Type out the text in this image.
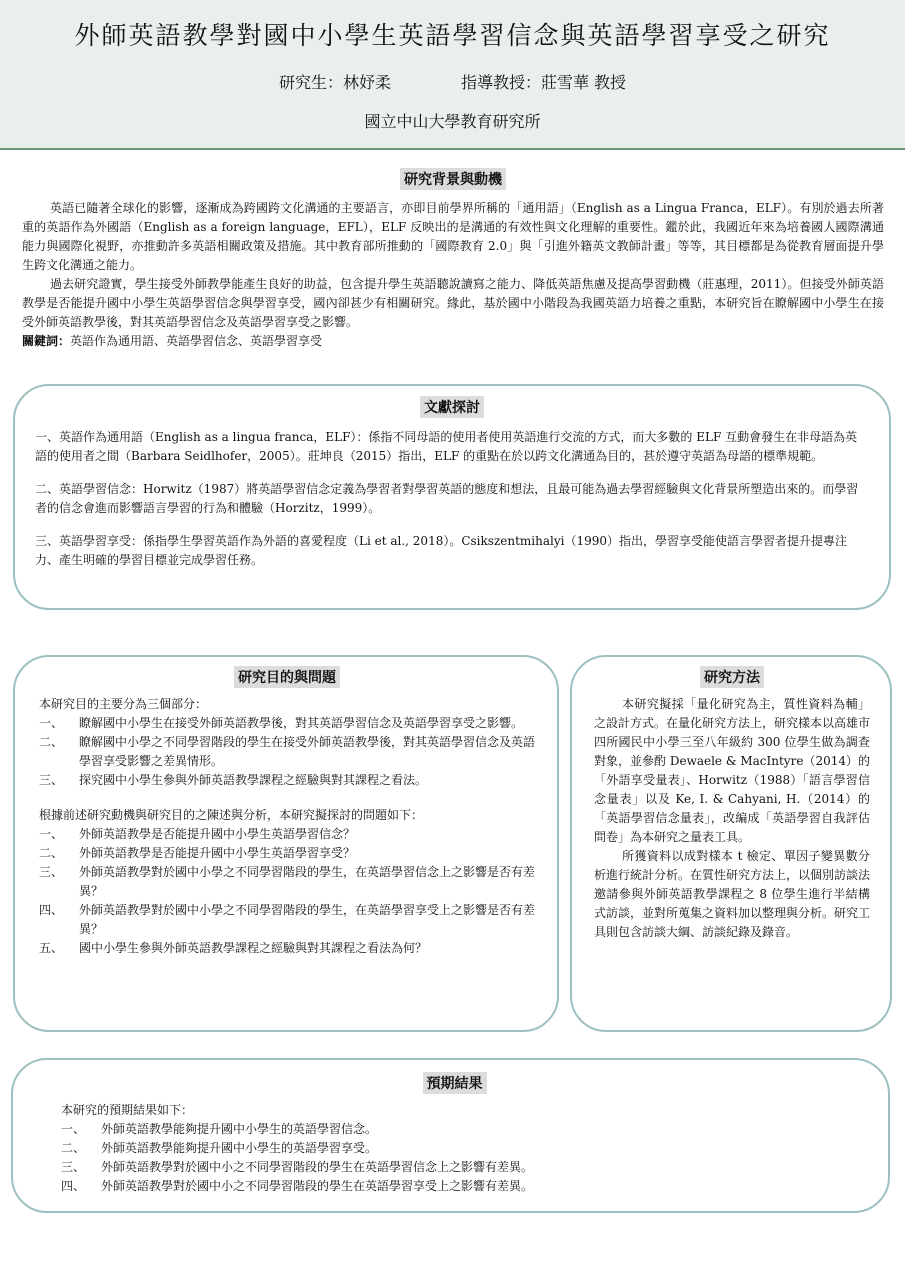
外師英語教學對國中小學生英語學習信念與英語學習享受之研究
研究生：林妤柔	指導教授：莊雪華 教授
國立中山大學教育研究所
研究背景與動機

英語已隨著全球化的影響，逐漸成為跨國跨文化溝通的主要語言，亦即目前學界所稱的「通用語」（English as a Lingua Franca，ELF）。有別於過去所著重的英語作為外國語（English as a foreign language，EFL），ELF 反映出的是溝通的有效性與文化理解的重要性。鑑於此，我國近年來為培養國人國際溝通能力與國際化視野，亦推動許多英語相關政策及措施。其中教育部所推動的「國際教育 2.0」與「引進外籍英文教師計畫」等等，其目標都是為從教育層面提升學生跨文化溝通之能力。

過去研究證實，學生接受外師教學能產生良好的助益，包含提升學生英語聽說讀寫之能力、降低英語焦慮及提高學習動機（莊惠理，2011）。但接受外師英語教學是否能提升國中小學生英語學習信念與學習享受，國內卻甚少有相關研究。緣此，基於國中小階段為我國英語力培養之重點，本研究旨在瞭解國中小學生在接受外師英語教學後，對其英語學習信念及英語學習享受之影響。

關鍵詞：英語作為通用語、英語學習信念、英語學習享受

文獻探討

一、英語作為通用語（English as a lingua franca，ELF）：係指不同母語的使用者使用英語進行交流的方式，而大多數的 ELF 互動會發生在非母語為英語的使用者之間（Barbara Seidlhofer，2005）。莊坤良（2015）指出，ELF 的重點在於以跨文化溝通為目的，甚於遵守英語為母語的標準規範。

二、英語學習信念：Horwitz（1987）將英語學習信念定義為學習者對學習英語的態度和想法，且最可能為過去學習經驗與文化背景所塑造出來的。而學習者的信念會進而影響語言學習的行為和體驗（Horzitz，1999）。

三、英語學習享受：係指學生學習英語作為外語的喜愛程度（Li et al., 2018）。Csikszentmihalyi（1990）指出，學習享受能使語言學習者提升提專注力、產生明確的學習目標並完成學習任務。

研究目的與問題

本研究目的主要分為三個部分：

一、 瞭解國中小學生在接受外師英語教學後，對其英語學習信念及英語學習享受之影響。
二、 瞭解國中小學之不同學習階段的學生在接受外師英語教學後，對其英語學習信念及英語學習享受影響之差異情形。
三、 探究國中小學生參與外師英語教學課程之經驗與對其課程之看法。

根據前述研究動機與研究目的之陳述與分析，本研究擬探討的問題如下：

一、 外師英語教學是否能提升國中小學生英語學習信念？
二、 外師英語教學是否能提升國中小學生英語學習享受？
三、 外師英語教學對於國中小學之不同學習階段的學生，在英語學習信念上之影響是否有差異？
四、 外師英語教學對於國中小學之不同學習階段的學生，在英語學習享受上之影響是否有差異？
五、 國中小學生參與外師英語教學課程之經驗與對其課程之看法為何？
研究方法

本研究擬採「量化研究為主，質性資料為輔」之設計方式。在量化研究方法上，研究樣本以高雄市四所國民中小學三至八年級約 300 位學生做為調查對象，並參酌 Dewaele & MacIntyre（2014）的「外語享受量表」、Horwitz（1988）「語言學習信念量表」以及 Ke, I. & Cahyani, H.（2014）的「英語學習信念量表」，改編成「英語學習自我評估問卷」為本研究之量表工具。

所獲資料以成對樣本 t 檢定、單因子變異數分析進行統計分析。在質性研究方法上，以個別訪談法邀請參與外師英語教學課程之 8 位學生進行半結構式訪談，並對所蒐集之資料加以整理與分析。研究工具則包含訪談大綱、訪談紀錄及錄音。

預期結果

本研究的預期結果如下：

一、 外師英語教學能夠提升國中小學生的英語學習信念。
二、 外師英語教學能夠提升國中小學生的英語學習享受。
三、 外師英語教學對於國中小之不同學習階段的學生在英語學習信念上之影響有差異。
四、 外師英語教學對於國中小之不同學習階段的學生在英語學習享受上之影響有差異。
